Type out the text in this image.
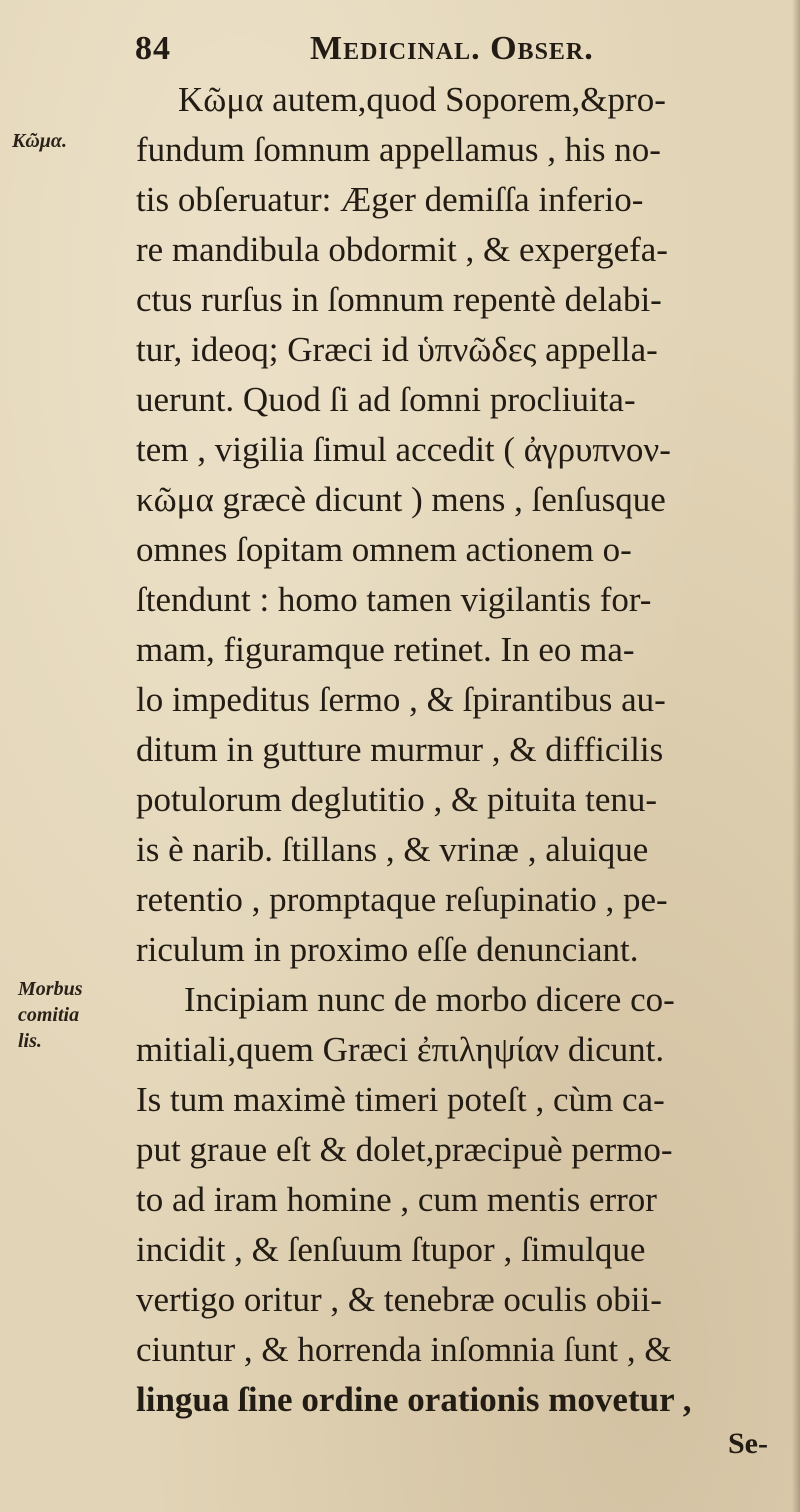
84	Medicinal. Obser.
Κῶμα.
Morbus
comitia
lis.
Κῶμα autem,quod Soporem,&pro-
fundum ſomnum appellamus , his no-
tis obſeruatur: Æger demiſſa inferio-
re mandibula obdormit , & expergefa-
ctus rurſus in ſomnum repentè delabi-
tur, ideoq; Græci id ὑπνῶδες appella-
uerunt. Quod ſi ad ſomni procliuita-
tem , vigilia ſimul accedit ( ἀγρυπνον-
κῶμα græcè dicunt ) mens , ſenſusque
omnes ſopitam omnem actionem o-
ſtendunt : homo tamen vigilantis for-
mam, figuramque retinet. In eo ma-
lo impeditus ſermo , & ſpirantibus au-
ditum in gutture murmur , & difficilis
potulorum deglutitio , & pituita tenu-
is è narib. ſtillans , & vrinæ , aluique
retentio , promptaque reſupinatio , pe-
riculum in proximo eſſe denunciant.
Incipiam nunc de morbo dicere co-
mitiali,quem Græci ἐπιληψίαν dicunt.
Is tum maximè timeri poteſt , cùm ca-
put graue eſt & dolet,præcipuè permo-
to ad iram homine , cum mentis error
incidit , & ſenſuum ſtupor , ſimulque
vertigo oritur , & tenebræ oculis obii-
ciuntur , & horrenda inſomnia ſunt , &
lingua ſine ordine orationis movetur ,
Se-
